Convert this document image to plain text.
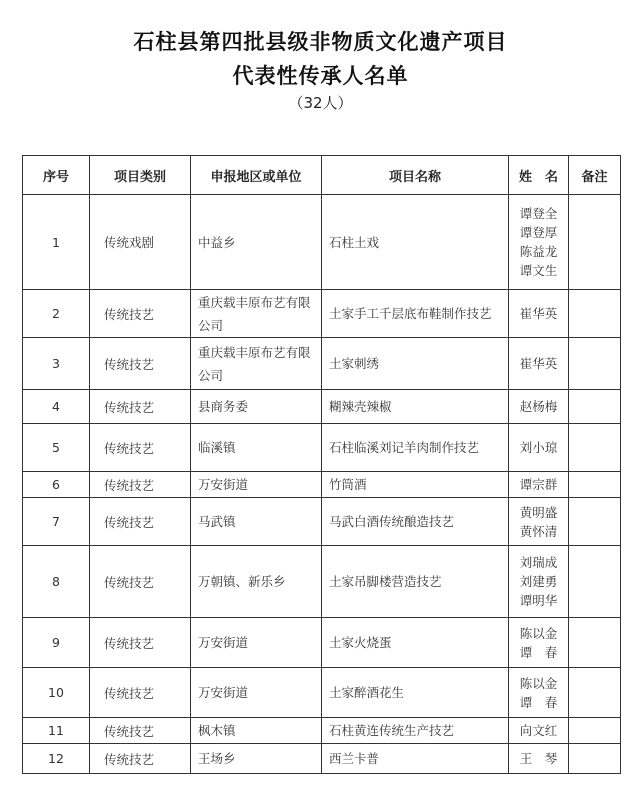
石柱县第四批县级非物质文化遗产项目
代表性传承人名单
（32人）
序号	项目类别	申报地区或单位	项目名称	姓　名	备注
1	传统戏剧	中益乡	石柱土戏	谭登全
谭登厚
陈益龙
谭文生	

2	传统技艺	重庆载丰原布艺有限公司	土家手工千层底布鞋制作技艺	崔华英	

3	传统技艺	重庆载丰原布艺有限公司	土家刺绣	崔华英	

4	传统技艺	县商务委	糊辣壳辣椒	赵杨梅	

5	传统技艺	临溪镇	石柱临溪刘记羊肉制作技艺	刘小琼	

6	传统技艺	万安街道	竹筒酒	谭宗群	

7	传统技艺	马武镇	马武白酒传统酿造技艺	黄明盛
黄怀清	

8	传统技艺	万朝镇、新乐乡	土家吊脚楼营造技艺	刘瑞成
刘建勇
谭明华	

9	传统技艺	万安街道	土家火烧蛋	陈以金
谭　春	

10	传统技艺	万安街道	土家醉酒花生	陈以金
谭　春	

11	传统技艺	枫木镇	石柱黄连传统生产技艺	向文红	

12	传统技艺	王场乡	西兰卡普	王　琴	
